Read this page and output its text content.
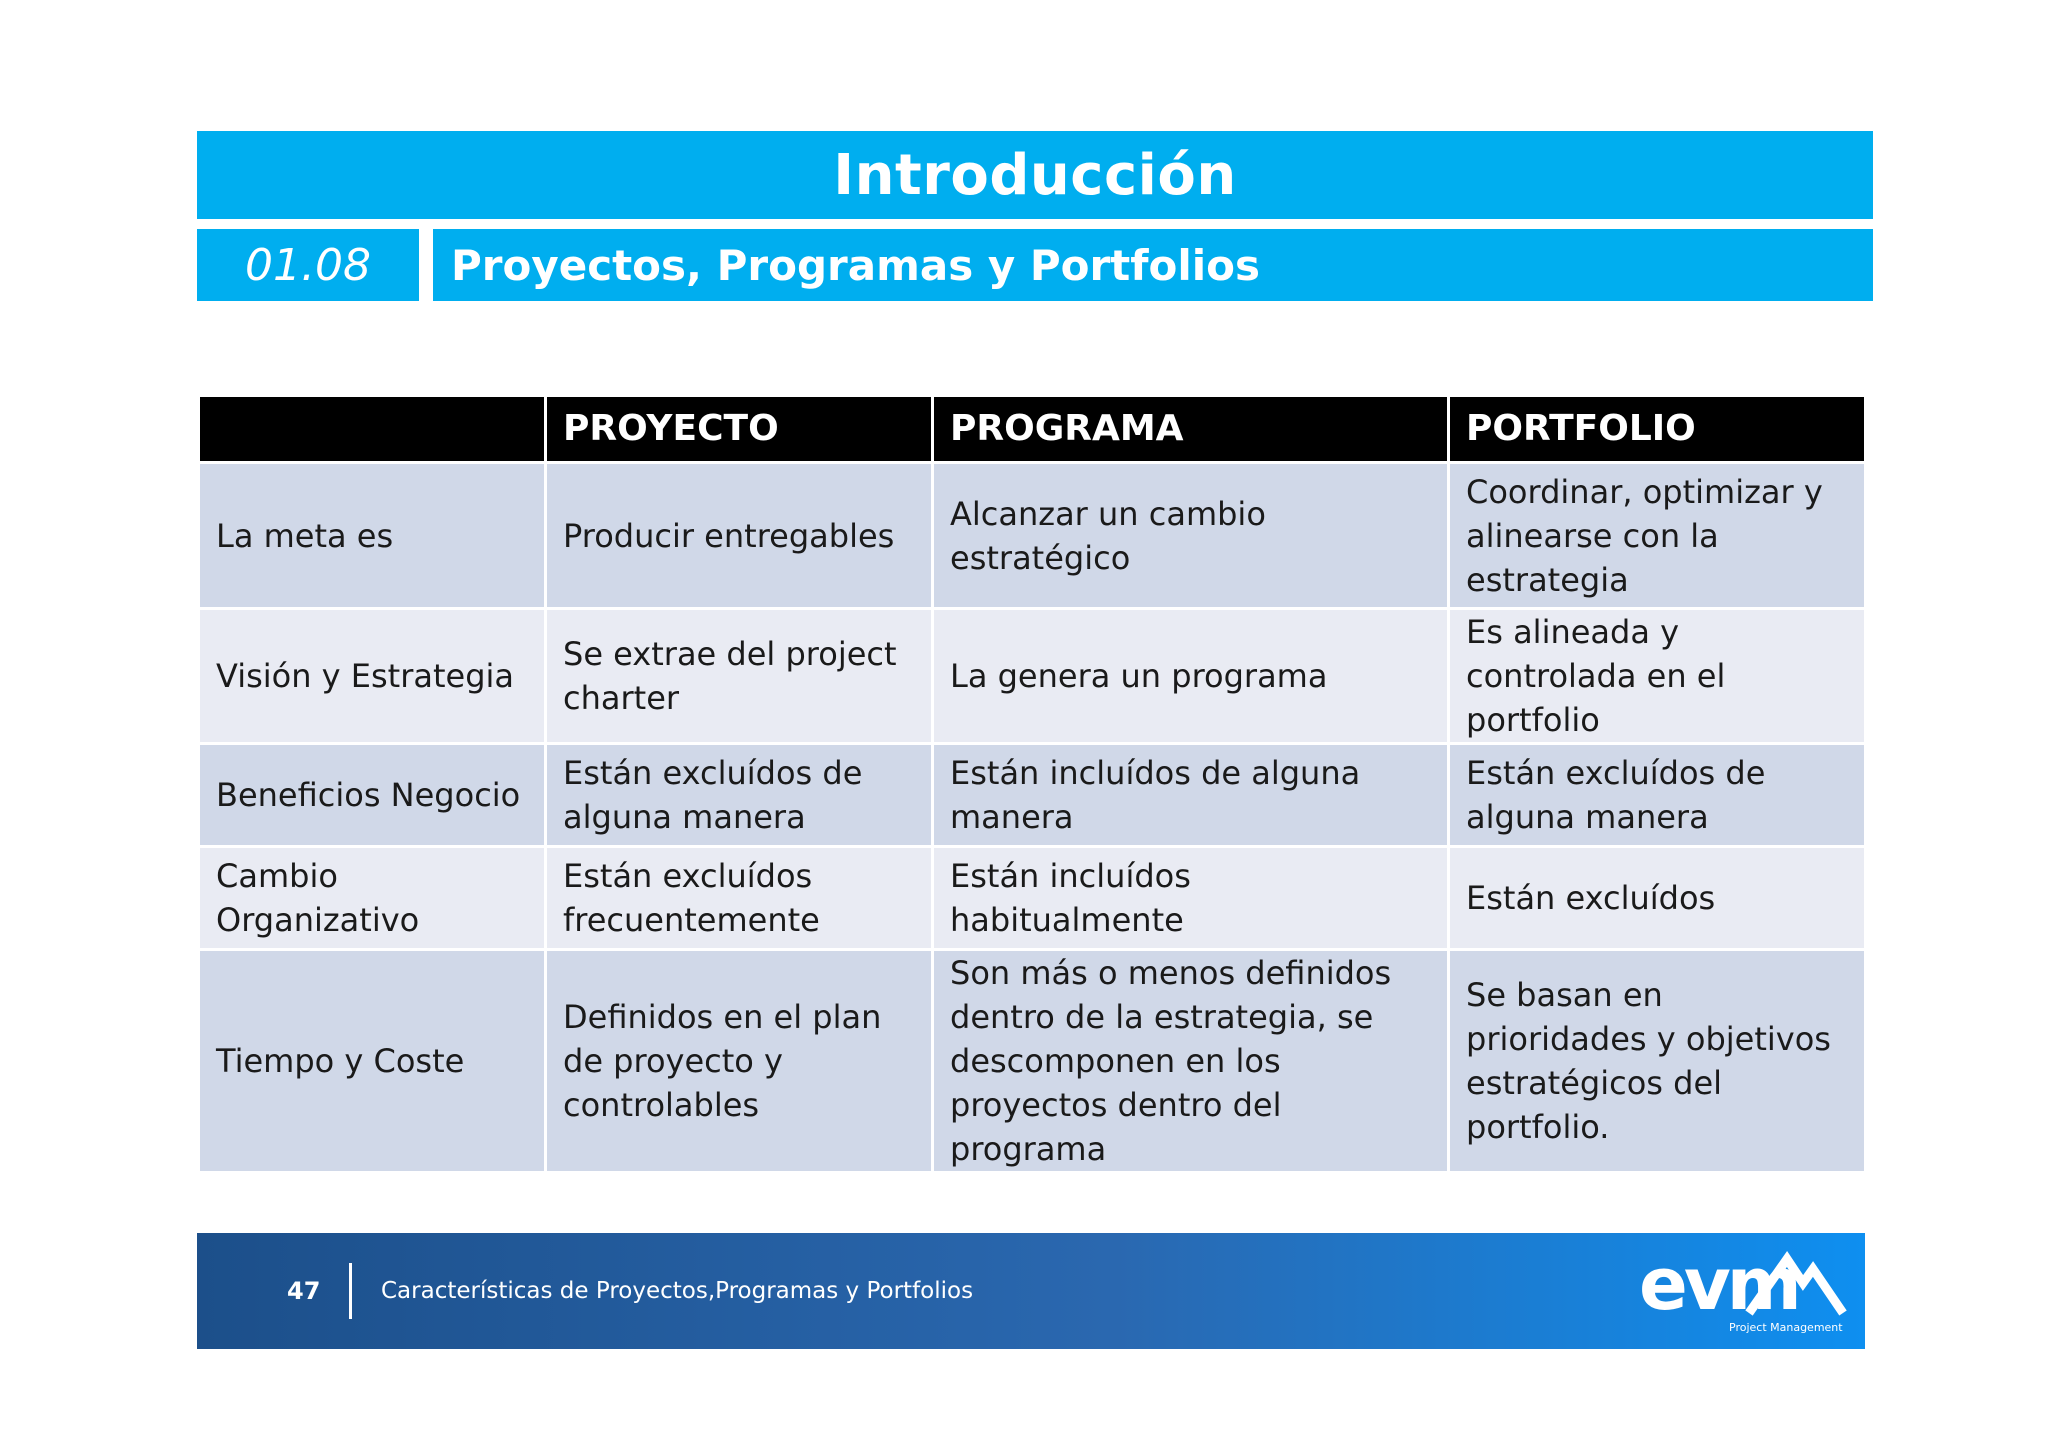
Introducción
01.08	Proyectos, Programas y Portfolios
	PROYECTO	PROGRAMA	PORTFOLIO
La meta es	Producir entregables	Alcanzar un cambio estratégico	Coordinar, optimizar y alinearse con la estrategia
Visión y Estrategia	Se extrae del project charter	La genera un programa	Es alineada y controlada en el portfolio
Beneficios Negocio	Están excluídos de alguna manera	Están incluídos de alguna manera	Están excluídos de alguna manera
Cambio Organizativo	Están excluídos frecuentemente	Están incluídos habitualmente	Están excluídos
Tiempo y Coste	Definidos en el plan de proyecto y controlables	Son más o menos definidos dentro de la estrategia, se descomponen en los proyectos dentro del programa	Se basan en prioridades y objetivos estratégicos del portfolio.
47	Características de Proyectos,Programas y Portfolios	evm
Project Management
